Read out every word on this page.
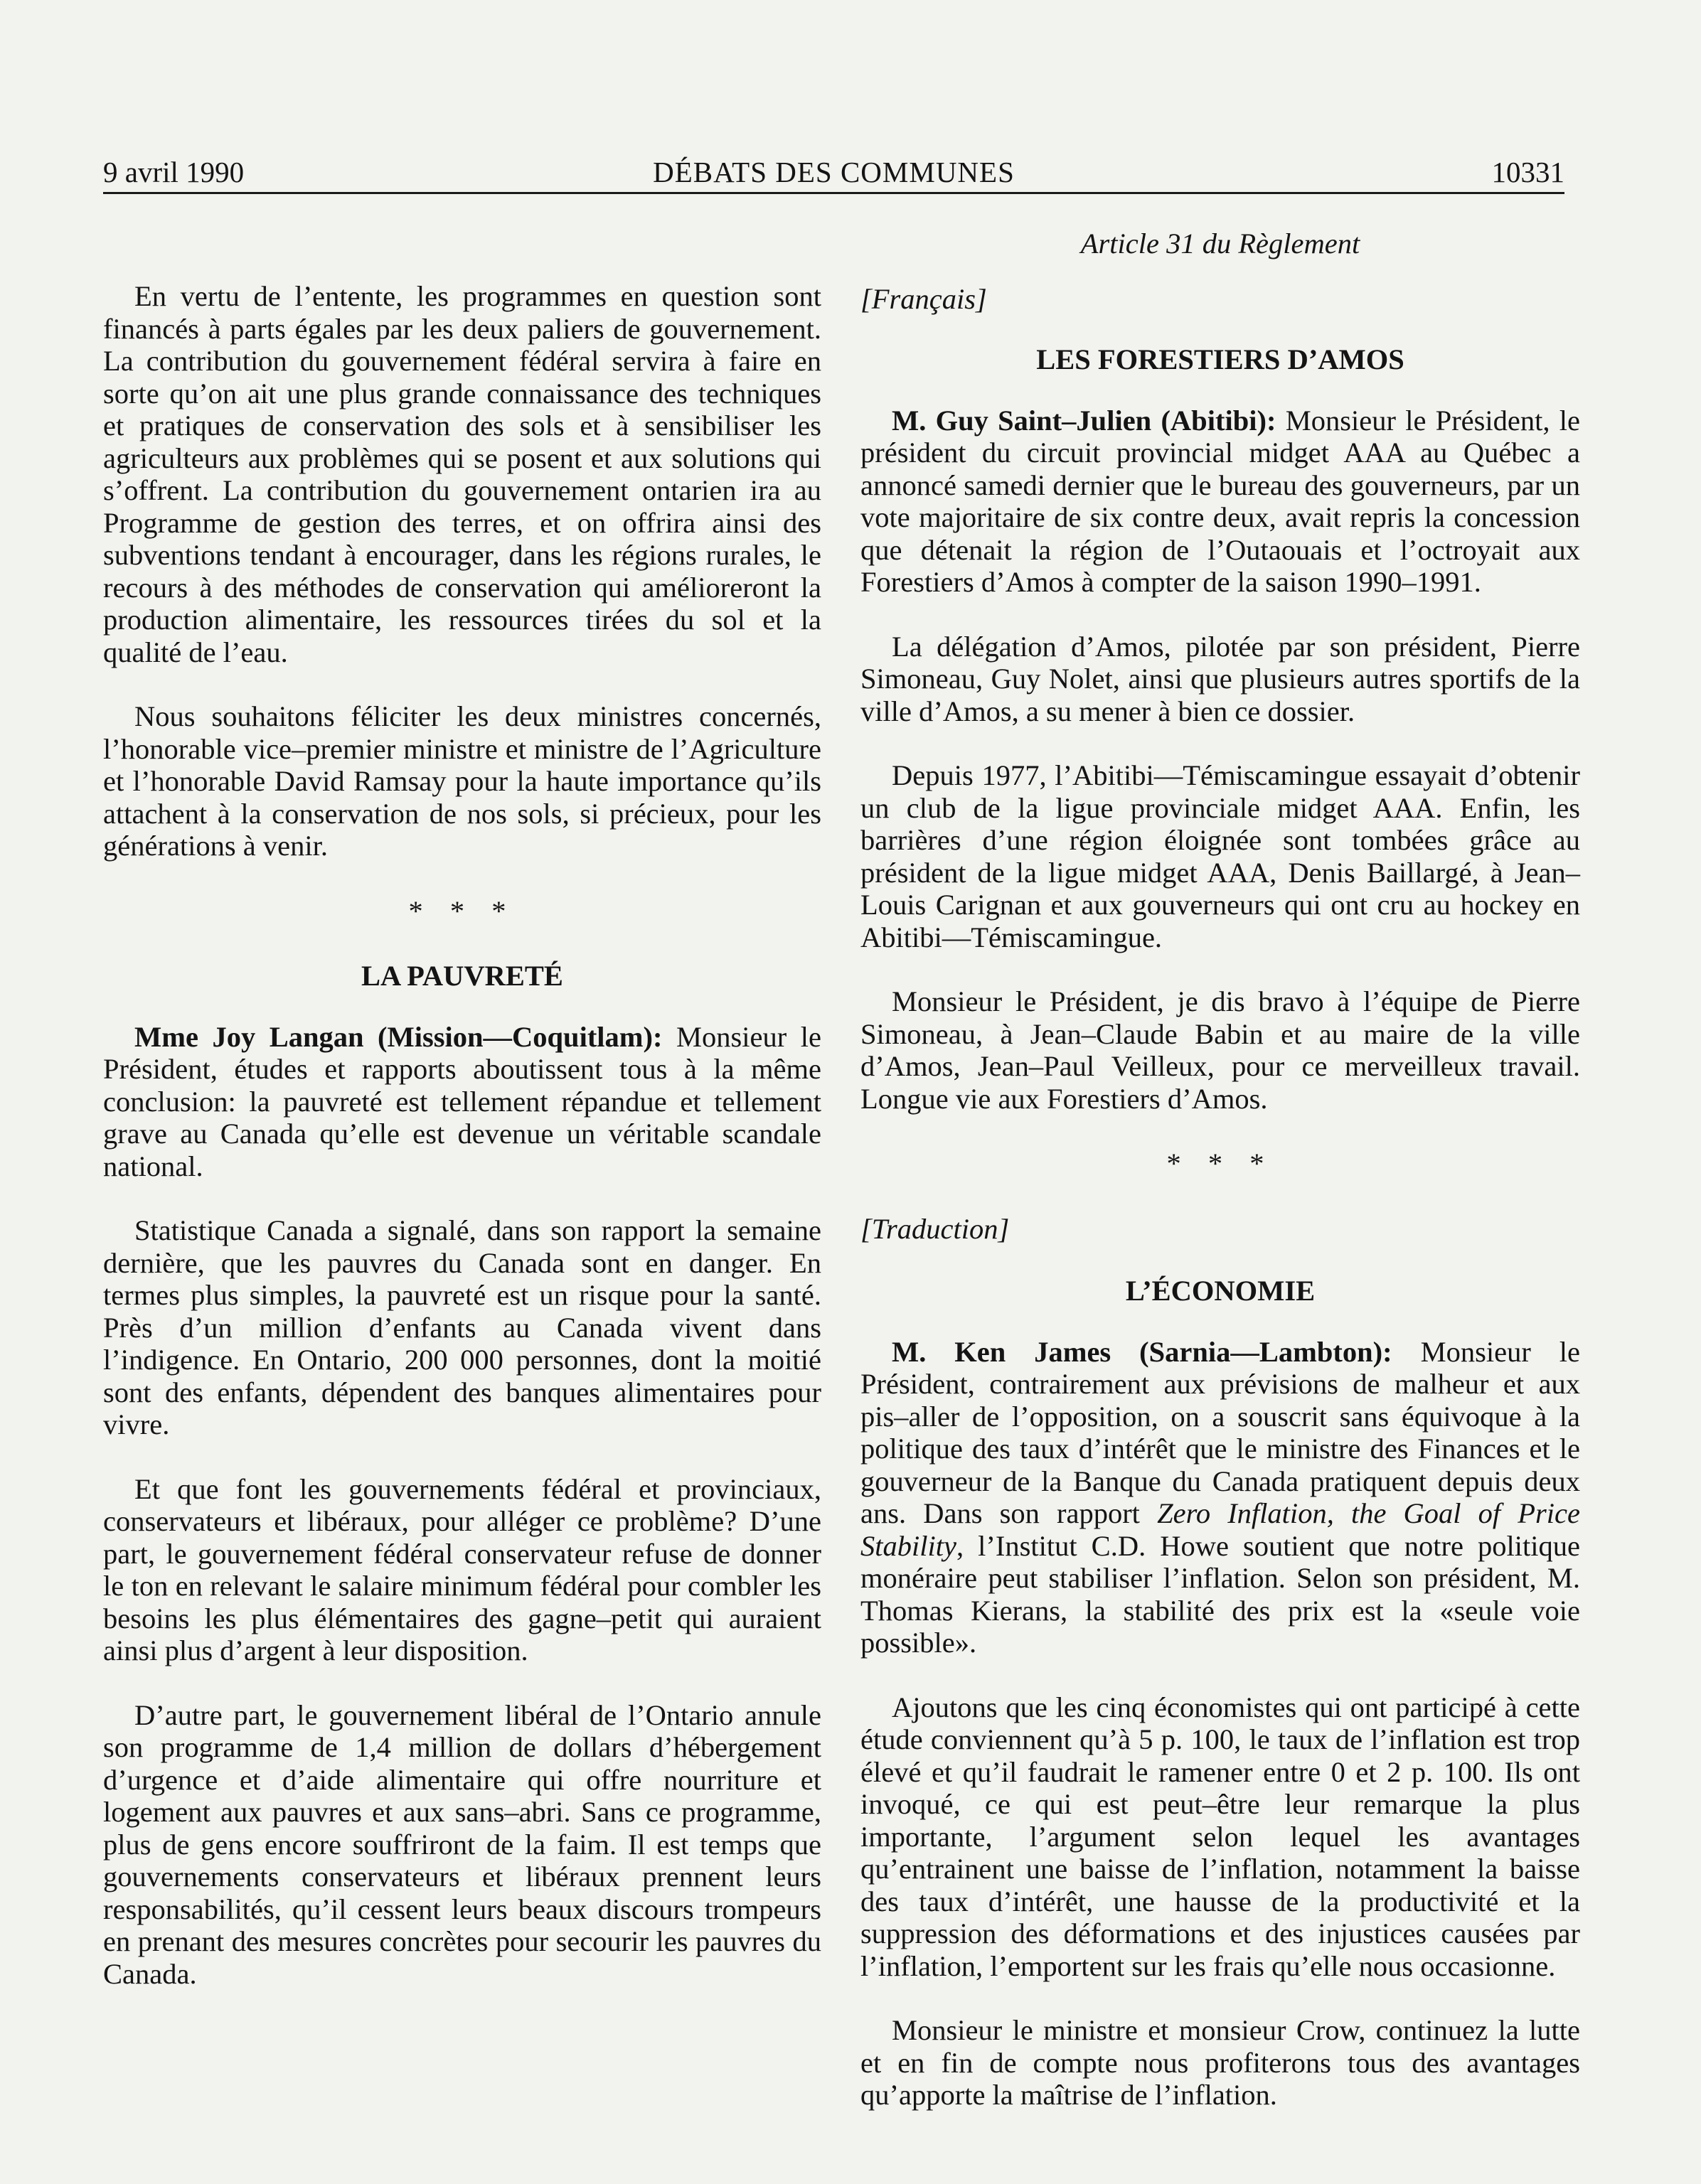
9 avril 1990	DÉBATS DES COMMUNES	10331

En vertu de l’entente, les programmes en question sont financés à parts égales par les deux paliers de gouvernement. La contribution du gouvernement fédéral servira à faire en sorte qu’on ait une plus grande connaissance des techniques et pratiques de conservation des sols et à sensibiliser les agriculteurs aux problèmes qui se posent et aux solutions qui s’offrent. La contribution du gouvernement ontarien ira au Programme de gestion des terres, et on offrira ainsi des subventions tendant à encourager, dans les régions rurales, le recours à des méthodes de conservation qui amélioreront la production alimentaire, les ressources tirées du sol et la qualité de l’eau.

Nous souhaitons féliciter les deux ministres concernés, l’honorable vice–premier ministre et ministre de l’Agriculture et l’honorable David Ramsay pour la haute importance qu’ils attachent à la conservation de nos sols, si précieux, pour les générations à venir.

* * *
LA PAUVRETÉ

Mme Joy Langan (Mission—Coquitlam): Monsieur le Président, études et rapports aboutissent tous à la même conclusion: la pauvreté est tellement répandue et tellement grave au Canada qu’elle est devenue un véritable scandale national.

Statistique Canada a signalé, dans son rapport la semaine dernière, que les pauvres du Canada sont en danger. En termes plus simples, la pauvreté est un risque pour la santé. Près d’un million d’enfants au Canada vivent dans l’indigence. En Ontario, 200 000 personnes, dont la moitié sont des enfants, dépendent des banques alimentaires pour vivre.

Et que font les gouvernements fédéral et provinciaux, conservateurs et libéraux, pour alléger ce problème? D’une part, le gouvernement fédéral conservateur refuse de donner le ton en relevant le salaire minimum fédéral pour combler les besoins les plus élémentaires des gagne–petit qui auraient ainsi plus d’argent à leur disposition.

D’autre part, le gouvernement libéral de l’Ontario annule son programme de 1,4 million de dollars d’hébergement d’urgence et d’aide alimentaire qui offre nourriture et logement aux pauvres et aux sans–abri. Sans ce programme, plus de gens encore souffriront de la faim. Il est temps que gouvernements conservateurs et libéraux prennent leurs responsabilités, qu’il cessent leurs beaux discours trompeurs en prenant des mesures concrètes pour secourir les pauvres du Canada.

Article 31 du Règlement
[Français]
LES FORESTIERS D’AMOS

M. Guy Saint–Julien (Abitibi): Monsieur le Président, le président du circuit provincial midget AAA au Québec a annoncé samedi dernier que le bureau des gouverneurs, par un vote majoritaire de six contre deux, avait repris la concession que détenait la région de l’Outaouais et l’octroyait aux Forestiers d’Amos à compter de la saison 1990–1991.

La délégation d’Amos, pilotée par son président, Pierre Simoneau, Guy Nolet, ainsi que plusieurs autres sportifs de la ville d’Amos, a su mener à bien ce dossier.

Depuis 1977, l’Abitibi—Témiscamingue essayait d’obtenir un club de la ligue provinciale midget AAA. Enfin, les barrières d’une région éloignée sont tombées grâce au président de la ligue midget AAA, Denis Baillargé, à Jean–Louis Carignan et aux gouverneurs qui ont cru au hockey en Abitibi—Témiscamingue.

Monsieur le Président, je dis bravo à l’équipe de Pierre Simoneau, à Jean–Claude Babin et au maire de la ville d’Amos, Jean–Paul Veilleux, pour ce merveilleux travail. Longue vie aux Forestiers d’Amos.

* * *
[Traduction]
L’ÉCONOMIE

M. Ken James (Sarnia—Lambton): Monsieur le Président, contrairement aux prévisions de malheur et aux pis–aller de l’opposition, on a souscrit sans équivoque à la politique des taux d’intérêt que le ministre des Finances et le gouverneur de la Banque du Canada pratiquent depuis deux ans. Dans son rapport Zero Inflation, the Goal of Price Stability, l’Institut C.D. Howe soutient que notre politique monéraire peut stabiliser l’inflation. Selon son président, M. Thomas Kierans, la stabilité des prix est la «seule voie possible».

Ajoutons que les cinq économistes qui ont participé à cette étude conviennent qu’à 5 p. 100, le taux de l’inflation est trop élevé et qu’il faudrait le ramener entre 0 et 2 p. 100. Ils ont invoqué, ce qui est peut–être leur remarque la plus importante, l’argument selon lequel les avantages qu’entrainent une baisse de l’inflation, notamment la baisse des taux d’intérêt, une hausse de la productivité et la suppression des déformations et des injustices causées par l’inflation, l’emportent sur les frais qu’elle nous occasionne.

Monsieur le ministre et monsieur Crow, continuez la lutte et en fin de compte nous profiterons tous des avantages qu’apporte la maîtrise de l’inflation.
